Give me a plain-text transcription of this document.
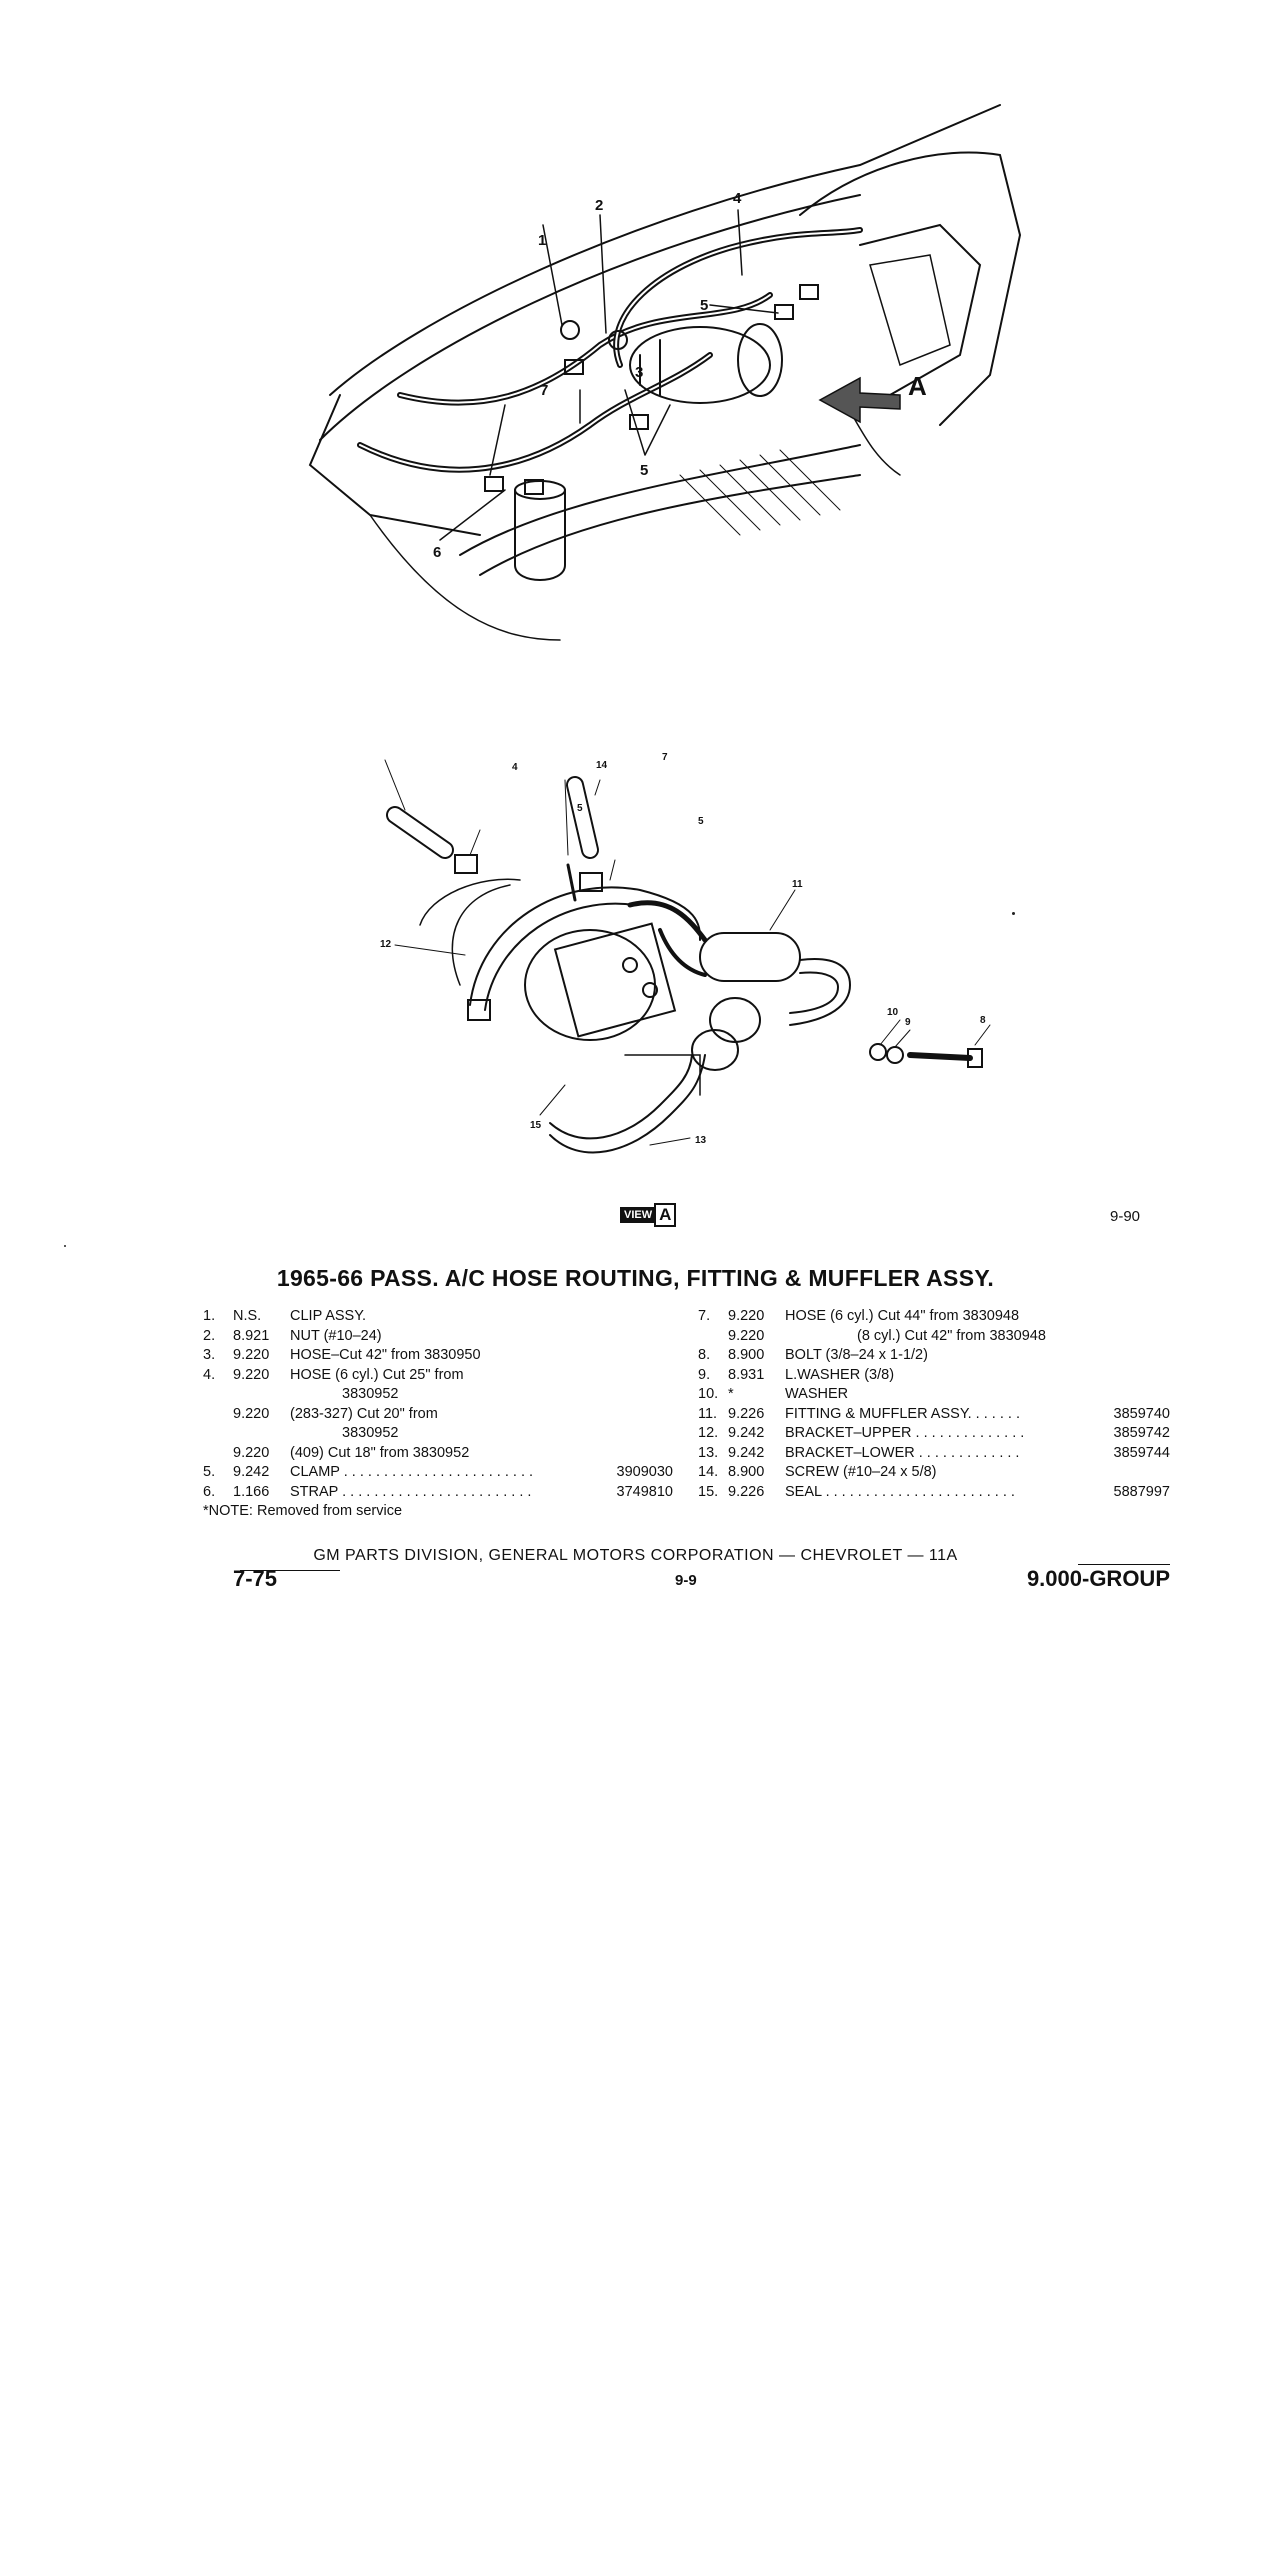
1
2
3
4
5
5
6
7	A
8
9
10
11
12
13
15
4
5
5
7
14
VIEW A	9-90
1965-66 PASS. A/C HOSE ROUTING, FITTING & MUFFLER ASSY.
1.	N.S.	CLIP ASSY.
2.	8.921	NUT (#10–24)
3.	9.220	HOSE–Cut 42" from 3830950
4.	9.220	HOSE (6 cyl.) Cut 25" from
3830952
9.220	(283-327) Cut 20" from
3830952
9.220	(409) Cut 18" from 3830952
5.	9.242	CLAMP . . . . . . . . . . . . . . . . . . . . . . . .	3909030
6.	1.166	STRAP . . . . . . . . . . . . . . . . . . . . . . . .	3749810
7.	9.220	HOSE (6 cyl.) Cut 44" from 3830948
9.220	(8 cyl.) Cut 42" from 3830948
8.	8.900	BOLT (3/8–24 x 1-1/2)
9.	8.931	L.WASHER (3/8)
10. *	WASHER
11. 9.226	FITTING & MUFFLER ASSY. . . . . . .	3859740
12. 9.242	BRACKET–UPPER . . . . . . . . . . . . . .	3859742
13. 9.242	BRACKET–LOWER . . . . . . . . . . . . .	3859744
14. 8.900	SCREW (#10–24 x 5/8)
15. 9.226	SEAL . . . . . . . . . . . . . . . . . . . . . . . .	5887997
*NOTE: Removed from service
GM PARTS DIVISION, GENERAL MOTORS CORPORATION — CHEVROLET — 11A
7-75	9-9	9.000-GROUP
